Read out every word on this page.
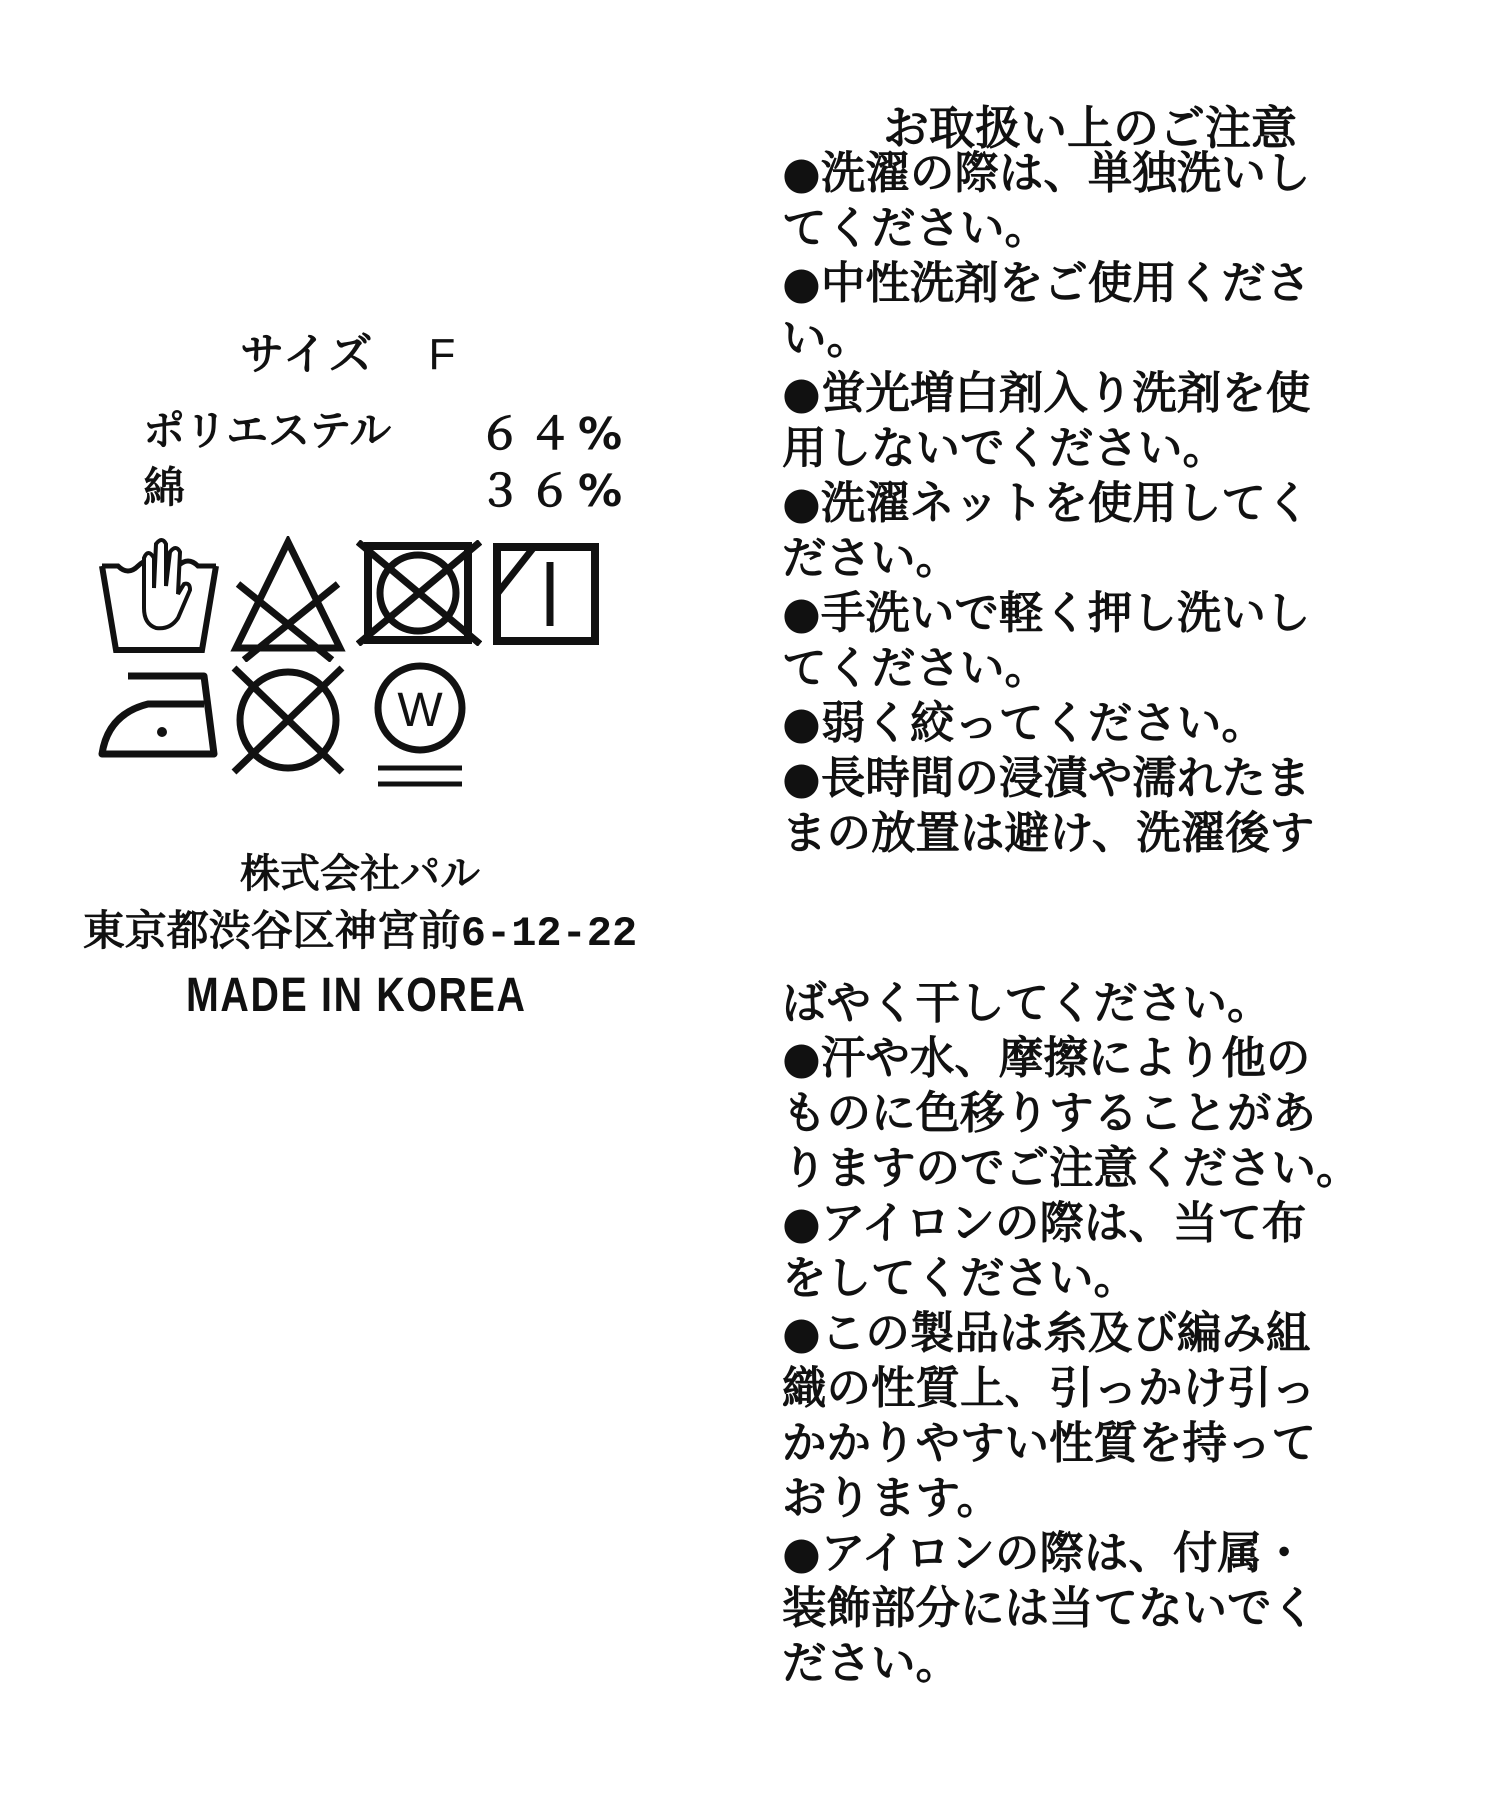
サイズ F
ポリエステル ６４%
綿	３６%
W
株式会社パル
東京都渋谷区神宮前6-12-22
MADE IN KOREA
お取扱い上のご注意
●洗濯の際は、単独洗いし
てください。
●中性洗剤をご使用くださ
い。
●蛍光増白剤入り洗剤を使
用しないでください。
●洗濯ネットを使用してく
ださい。
●手洗いで軽く押し洗いし
てください。
●弱く絞ってください。
●長時間の浸漬や濡れたま
まの放置は避け、洗濯後す
ばやく干してください。
●汗や水、摩擦により他の
ものに色移りすることがあ
りますのでご注意ください。
●アイロンの際は、当て布
をしてください。
●この製品は糸及び編み組
織の性質上、引っかけ引っ
かかりやすい性質を持って
おります。
●アイロンの際は、付属・
装飾部分には当てないでく
ださい。
